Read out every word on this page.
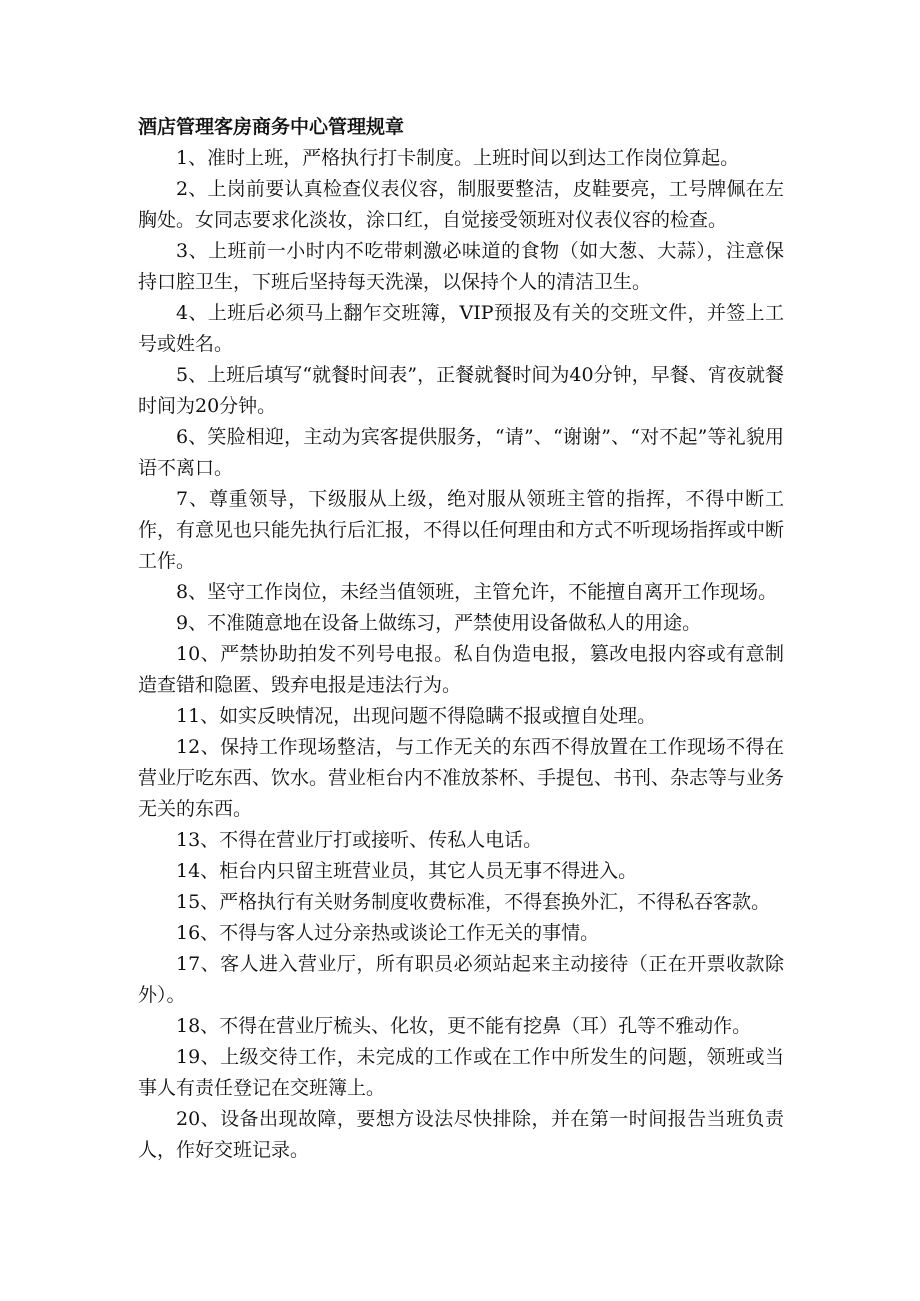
酒店管理客房商务中心管理规章

1、准时上班，严格执行打卡制度。上班时间以到达工作岗位算起。

2、上岗前要认真检查仪表仪容，制服要整洁，皮鞋要亮，工号牌佩在左胸处。女同志要求化淡妆，涂口红，自觉接受领班对仪表仪容的检查。

3、上班前一小时内不吃带刺激必味道的食物（如大葱、大蒜），注意保持口腔卫生，下班后坚持每天洗澡，以保持个人的清洁卫生。

4、上班后必须马上翻乍交班簿，VIP预报及有关的交班文件，并签上工号或姓名。

5、上班后填写“就餐时间表”，正餐就餐时间为40分钟，早餐、宵夜就餐时间为20分钟。

6、笑脸相迎，主动为宾客提供服务，“请”、“谢谢”、“对不起”等礼貌用语不离口。

7、尊重领导，下级服从上级，绝对服从领班主管的指挥，不得中断工作，有意见也只能先执行后汇报，不得以任何理由和方式不听现场指挥或中断工作。

8、坚守工作岗位，未经当值领班，主管允许，不能擅自离开工作现场。

9、不准随意地在设备上做练习，严禁使用设备做私人的用途。

10、严禁协助拍发不列号电报。私自伪造电报，篡改电报内容或有意制造查错和隐匿、毁弃电报是违法行为。

11、如实反映情况，出现问题不得隐瞒不报或擅自处理。

12、保持工作现场整洁，与工作无关的东西不得放置在工作现场不得在营业厅吃东西、饮水。营业柜台内不准放茶杯、手提包、书刊、杂志等与业务无关的东西。

13、不得在营业厅打或接听、传私人电话。

14、柜台内只留主班营业员，其它人员无事不得进入。

15、严格执行有关财务制度收费标准，不得套换外汇，不得私吞客款。

16、不得与客人过分亲热或谈论工作无关的事情。

17、客人进入营业厅，所有职员必须站起来主动接待（正在开票收款除外）。

18、不得在营业厅梳头、化妆，更不能有挖鼻（耳）孔等不雅动作。

19、上级交待工作，未完成的工作或在工作中所发生的问题，领班或当事人有责任登记在交班簿上。

20、设备出现故障，要想方设法尽快排除，并在第一时间报告当班负责人，作好交班记录。
